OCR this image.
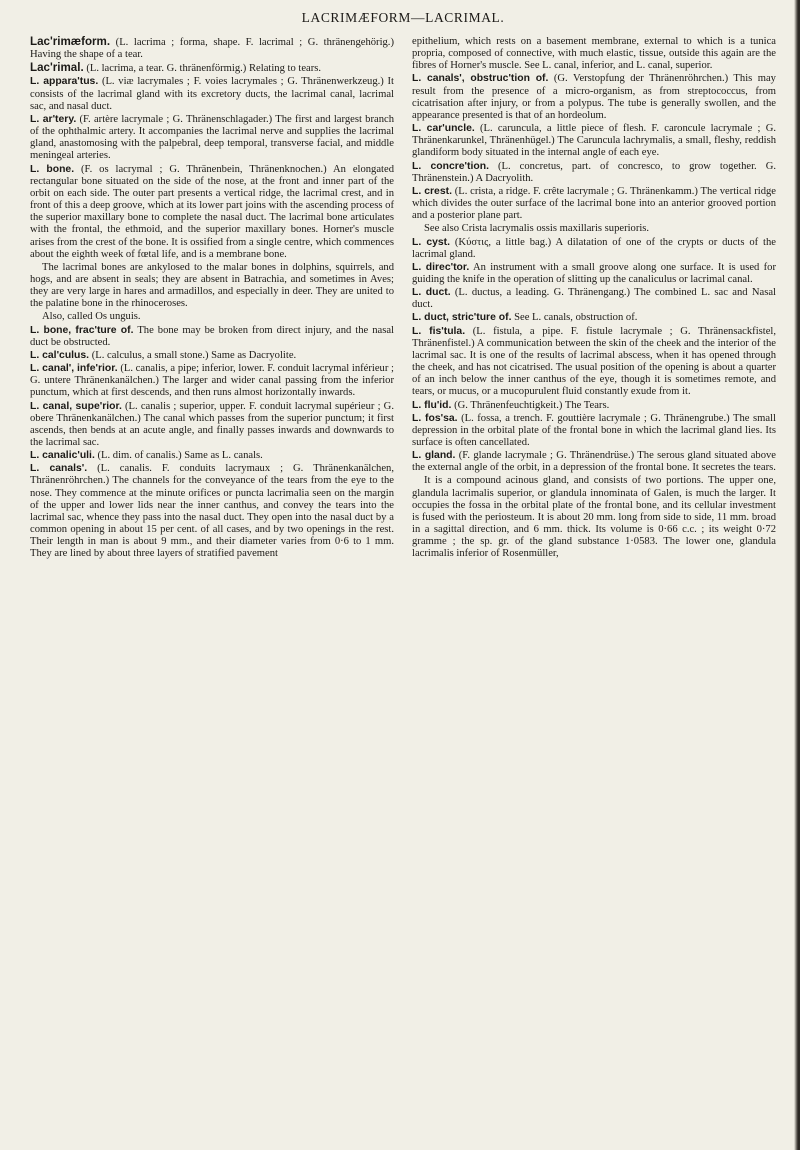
LACRIMÆFORM—LACRIMAL.

Lac'rimæform. (L. lacrima ; forma, shape. F. lacrimal ; G. thränengehörig.) Having the shape of a tear.

Lac'rimal. (L. lacrima, a tear. G. thränenförmig.) Relating to tears.

L. appara'tus. (L. viæ lacrymales ; F. voies lacrymales ; G. Thränenwerkzeug.) It consists of the lacrimal gland with its excretory ducts, the lacrimal canal, lacrimal sac, and nasal duct.

L. ar'tery. (F. artère lacrymale ; G. Thränenschlagader.) The first and largest branch of the ophthalmic artery. It accompanies the lacrimal nerve and supplies the lacrimal gland, anastomosing with the palpebral, deep temporal, transverse facial, and middle meningeal arteries.

L. bone. (F. os lacrymal ; G. Thränenbein, Thränenknochen.) An elongated rectangular bone situated on the side of the nose, at the front and inner part of the orbit on each side. The outer part presents a vertical ridge, the lacrimal crest, and in front of this a deep groove, which at its lower part joins with the ascending process of the superior maxillary bone to complete the nasal duct. The lacrimal bone articulates with the frontal, the ethmoid, and the superior maxillary bones. Horner's muscle arises from the crest of the bone. It is ossified from a single centre, which commences about the eighth week of fœtal life, and is a membrane bone.

The lacrimal bones are ankylosed to the malar bones in dolphins, squirrels, and hogs, and are absent in seals; they are absent in Batrachia, and sometimes in Aves; they are very large in hares and armadillos, and especially in deer. They are united to the palatine bone in the rhinoceroses.

Also, called Os unguis.

L. bone, frac'ture of. The bone may be broken from direct injury, and the nasal duct be obstructed.

L. cal'culus. (L. calculus, a small stone.) Same as Dacryolite.

L. canal', infe'rior. (L. canalis, a pipe; inferior, lower. F. conduit lacrymal inférieur ; G. untere Thränenkanälchen.) The larger and wider canal passing from the inferior punctum, which at first descends, and then runs almost horizontally inwards.

L. canal, supe'rior. (L. canalis ; superior, upper. F. conduit lacrymal supérieur ; G. obere Thränenkanälchen.) The canal which passes from the superior punctum; it first ascends, then bends at an acute angle, and finally passes inwards and downwards to the lacrimal sac.

L. canalic'uli. (L. dim. of canalis.) Same as L. canals.

L. canals'. (L. canalis. F. conduits lacrymaux ; G. Thränenkanälchen, Thränenröhrchen.) The channels for the conveyance of the tears from the eye to the nose. They commence at the minute orifices or puncta lacrimalia seen on the margin of the upper and lower lids near the inner canthus, and convey the tears into the lacrimal sac, whence they pass into the nasal duct. They open into the nasal duct by a common opening in about 15 per cent. of all cases, and by two openings in the rest. Their length in man is about 9 mm., and their diameter varies from 0·6 to 1 mm. They are lined by about three layers of stratified pavement

epithelium, which rests on a basement membrane, external to which is a tunica propria, composed of connective, with much elastic, tissue, outside this again are the fibres of Horner's muscle. See L. canal, inferior, and L. canal, superior.

L. canals', obstruc'tion of. (G. Verstopfung der Thränenröhrchen.) This may result from the presence of a micro-organism, as from streptococcus, from cicatrisation after injury, or from a polypus. The tube is generally swollen, and the appearance presented is that of an hordeolum.

L. car'uncle. (L. caruncula, a little piece of flesh. F. caroncule lacrymale ; G. Thränenkarunkel, Thränenhügel.) The Caruncula lachrymalis, a small, fleshy, reddish glandiform body situated in the internal angle of each eye.

L. concre'tion. (L. concretus, part. of concresco, to grow together. G. Thränenstein.) A Dacryolith.

L. crest. (L. crista, a ridge. F. crête lacrymale ; G. Thränenkamm.) The vertical ridge which divides the outer surface of the lacrimal bone into an anterior grooved portion and a posterior plane part.

See also Crista lacrymalis ossis maxillaris superioris.

L. cyst. (Κύστις, a little bag.) A dilatation of one of the crypts or ducts of the lacrimal gland.

L. direc'tor. An instrument with a small groove along one surface. It is used for guiding the knife in the operation of slitting up the canaliculus or lacrimal canal.

L. duct. (L. ductus, a leading. G. Thränengang.) The combined L. sac and Nasal duct.

L. duct, stric'ture of. See L. canals, obstruction of.

L. fis'tula. (L. fistula, a pipe. F. fistule lacrymale ; G. Thränensackfistel, Thränenfistel.) A communication between the skin of the cheek and the interior of the lacrimal sac. It is one of the results of lacrimal abscess, when it has opened through the cheek, and has not cicatrised. The usual position of the opening is about a quarter of an inch below the inner canthus of the eye, though it is sometimes remote, and tears, or mucus, or a mucopurulent fluid constantly exude from it.

L. flu'id. (G. Thränenfeuchtigkeit.) The Tears.

L. fos'sa. (L. fossa, a trench. F. gouttière lacrymale ; G. Thränengrube.) The small depression in the orbital plate of the frontal bone in which the lacrimal gland lies. Its surface is often cancellated.

L. gland. (F. glande lacrymale ; G. Thränendrüse.) The serous gland situated above the external angle of the orbit, in a depression of the frontal bone. It secretes the tears.

It is a compound acinous gland, and consists of two portions. The upper one, glandula lacrimalis superior, or glandula innominata of Galen, is much the larger. It occupies the fossa in the orbital plate of the frontal bone, and its cellular investment is fused with the periosteum. It is about 20 mm. long from side to side, 11 mm. broad in a sagittal direction, and 6 mm. thick. Its volume is 0·66 c.c. ; its weight 0·72 gramme ; the sp. gr. of the gland substance 1·0583. The lower one, glandula lacrimalis inferior of Rosenmüller,
